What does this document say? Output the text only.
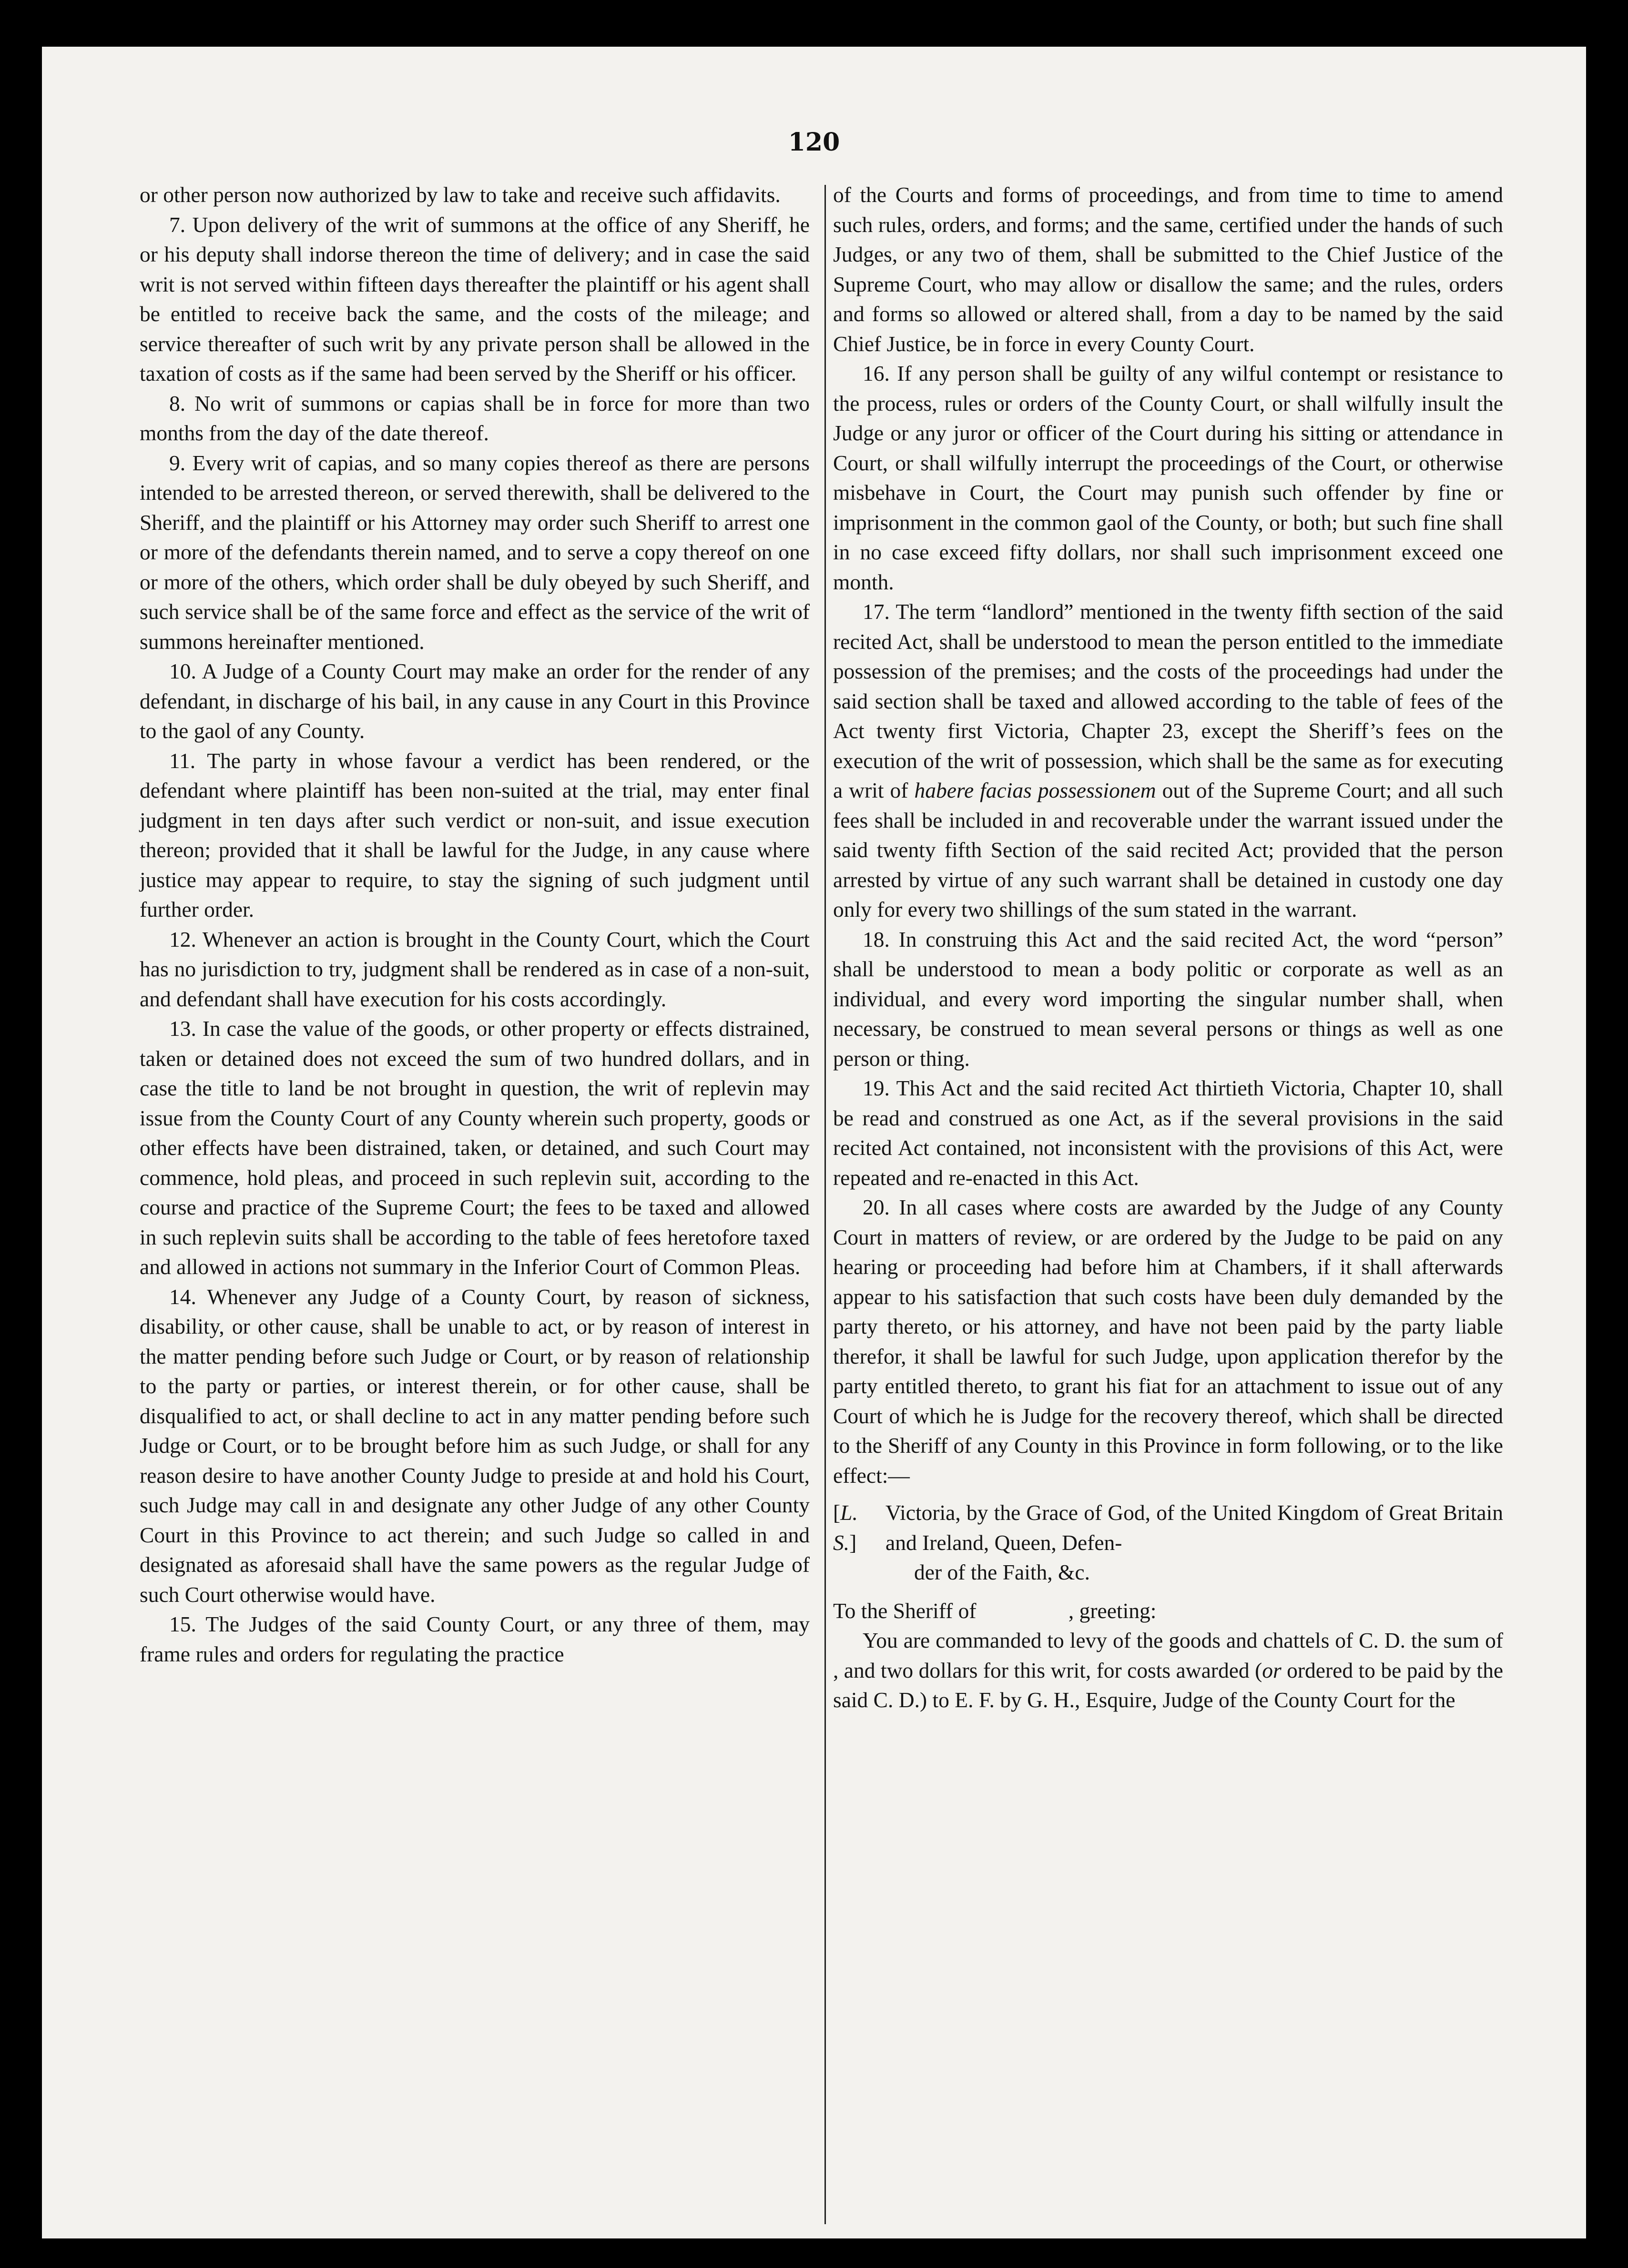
120

or other person now authorized by law to take and receive such affidavits.

7. Upon delivery of the writ of summons at the office of any Sheriff, he or his deputy shall indorse thereon the time of delivery; and in case the said writ is not served within fifteen days thereafter the plaintiff or his agent shall be entitled to receive back the same, and the costs of the mileage; and service thereafter of such writ by any private person shall be allowed in the taxation of costs as if the same had been served by the Sheriff or his officer.

8. No writ of summons or capias shall be in force for more than two months from the day of the date thereof.

9. Every writ of capias, and so many copies thereof as there are persons intended to be arrested thereon, or served therewith, shall be delivered to the Sheriff, and the plaintiff or his Attorney may order such Sheriff to arrest one or more of the defendants therein named, and to serve a copy thereof on one or more of the others, which order shall be duly obeyed by such Sheriff, and such service shall be of the same force and effect as the service of the writ of summons hereinafter mentioned.

10. A Judge of a County Court may make an order for the render of any defendant, in discharge of his bail, in any cause in any Court in this Province to the gaol of any County.

11. The party in whose favour a verdict has been rendered, or the defendant where plaintiff has been non-suited at the trial, may enter final judgment in ten days after such verdict or non-suit, and issue execution thereon; provided that it shall be lawful for the Judge, in any cause where justice may appear to require, to stay the signing of such judgment until further order.

12. Whenever an action is brought in the County Court, which the Court has no jurisdiction to try, judgment shall be rendered as in case of a non-suit, and defendant shall have execution for his costs accordingly.

13. In case the value of the goods, or other property or effects distrained, taken or detained does not exceed the sum of two hundred dollars, and in case the title to land be not brought in question, the writ of replevin may issue from the County Court of any County wherein such property, goods or other effects have been distrained, taken, or detained, and such Court may commence, hold pleas, and proceed in such replevin suit, according to the course and practice of the Supreme Court; the fees to be taxed and allowed in such replevin suits shall be according to the table of fees heretofore taxed and allowed in actions not summary in the Inferior Court of Common Pleas.

14. Whenever any Judge of a County Court, by reason of sickness, disability, or other cause, shall be unable to act, or by reason of interest in the matter pending before such Judge or Court, or by reason of relationship to the party or parties, or interest therein, or for other cause, shall be disqualified to act, or shall decline to act in any matter pending before such Judge or Court, or to be brought before him as such Judge, or shall for any reason desire to have another County Judge to preside at and hold his Court, such Judge may call in and designate any other Judge of any other County Court in this Province to act therein; and such Judge so called in and designated as aforesaid shall have the same powers as the regular Judge of such Court otherwise would have.

15. The Judges of the said County Court, or any three of them, may frame rules and orders for regulating the practice

of the Courts and forms of proceedings, and from time to time to amend such rules, orders, and forms; and the same, certified under the hands of such Judges, or any two of them, shall be submitted to the Chief Justice of the Supreme Court, who may allow or disallow the same; and the rules, orders and forms so allowed or altered shall, from a day to be named by the said Chief Justice, be in force in every County Court.

16. If any person shall be guilty of any wilful contempt or resistance to the process, rules or orders of the County Court, or shall wilfully insult the Judge or any juror or officer of the Court during his sitting or attendance in Court, or shall wilfully interrupt the proceedings of the Court, or otherwise misbehave in Court, the Court may punish such offender by fine or imprisonment in the common gaol of the County, or both; but such fine shall in no case exceed fifty dollars, nor shall such imprisonment exceed one month.

17. The term “landlord” mentioned in the twenty fifth section of the said recited Act, shall be understood to mean the person entitled to the immediate possession of the premises; and the costs of the proceedings had under the said section shall be taxed and allowed according to the table of fees of the Act twenty first Victoria, Chapter 23, except the Sheriff’s fees on the execution of the writ of possession, which shall be the same as for executing a writ of habere facias possessionem out of the Supreme Court; and all such fees shall be included in and recoverable under the warrant issued under the said twenty fifth Section of the said recited Act; provided that the person arrested by virtue of any such warrant shall be detained in custody one day only for every two shillings of the sum stated in the warrant.

18. In construing this Act and the said recited Act, the word “person” shall be understood to mean a body politic or corporate as well as an individual, and every word importing the singular number shall, when necessary, be construed to mean several persons or things as well as one person or thing.

19. This Act and the said recited Act thirtieth Victoria, Chapter 10, shall be read and construed as one Act, as if the several provisions in the said recited Act contained, not inconsistent with the provisions of this Act, were repeated and re-enacted in this Act.

20. In all cases where costs are awarded by the Judge of any County Court in matters of review, or are ordered by the Judge to be paid on any hearing or proceeding had before him at Chambers, if it shall afterwards appear to his satisfaction that such costs have been duly demanded by the party thereto, or his attorney, and have not been paid by the party liable therefor, it shall be lawful for such Judge, upon application therefor by the party entitled thereto, to grant his fiat for an attachment to issue out of any Court of which he is Judge for the recovery thereof, which shall be directed to the Sheriff of any County in this Province in form following, or to the like effect:—

[L. S.]
Victoria, by the Grace of God, of the United Kingdom of Great Britain and Ireland, Queen, Defen-
der of the Faith, &c.

To the Sheriff of                 , greeting:

You are commanded to levy of the goods and chattels of C. D. the sum of        , and two dollars for this writ, for costs awarded (or ordered to be paid by the said C. D.) to E. F. by G. H., Esquire, Judge of the County Court for the
